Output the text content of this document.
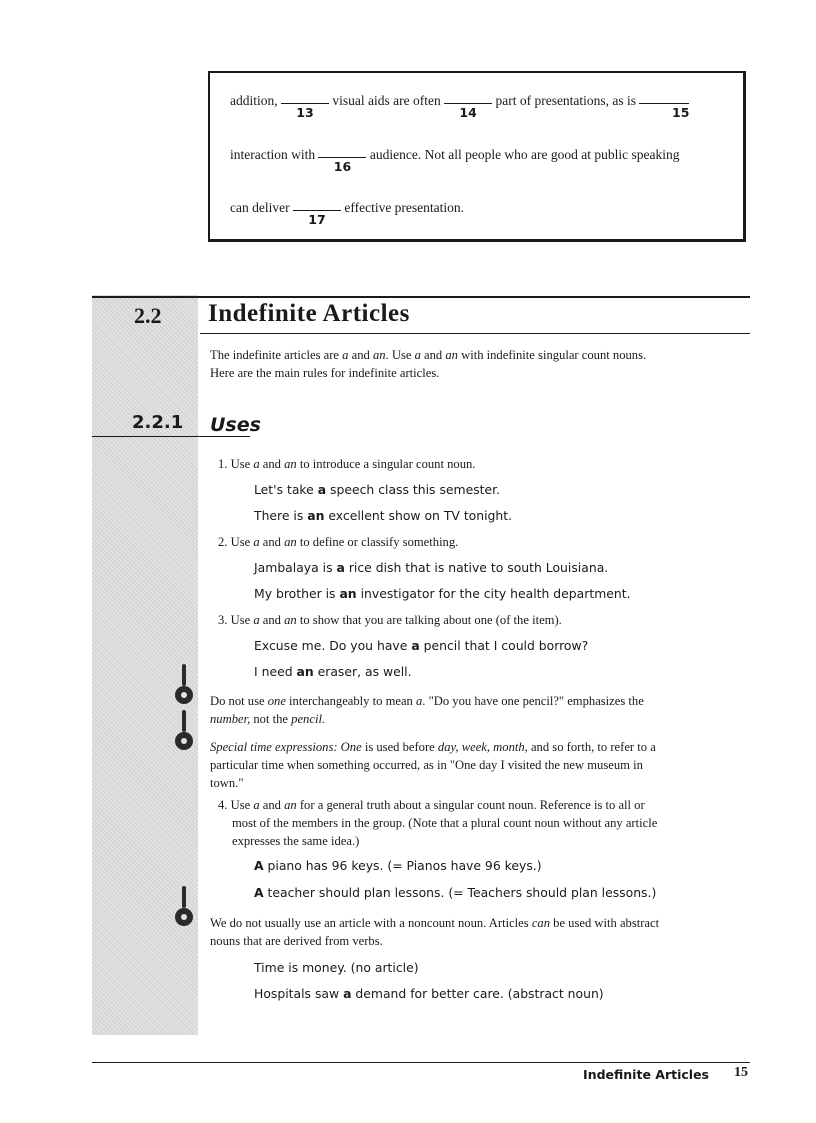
addition,
13
visual aids are often
14
part of presentations, as is
15
interaction with
16
audience. Not all people who are good at public speaking
can deliver
17
effective presentation.
2.2
2.2.1
Indefinite Articles
The indefinite articles are a and an. Use a and an with indefinite singular count nouns.
Here are the main rules for indefinite articles.
Uses
1. Use a and an to introduce a singular count noun.
Let's take a speech class this semester.
There is an excellent show on TV tonight.
2. Use a and an to define or classify something.
Jambalaya is a rice dish that is native to south Louisiana.
My brother is an investigator for the city health department.
3. Use a and an to show that you are talking about one (of the item).
Excuse me. Do you have a pencil that I could borrow?
I need an eraser, as well.
Do not use one interchangeably to mean a. "Do you have one pencil?" emphasizes the
number, not the pencil.
Special time expressions: One is used before day, week, month, and so forth, to refer to a
particular time when something occurred, as in "One day I visited the new museum in
town."
4. Use a and an for a general truth about a singular count noun. Reference is to all or
most of the members in the group. (Note that a plural count noun without any article
expresses the same idea.)
A piano has 96 keys. (= Pianos have 96 keys.)
A teacher should plan lessons. (= Teachers should plan lessons.)
We do not usually use an article with a noncount noun. Articles can be used with abstract
nouns that are derived from verbs.
Time is money. (no article)
Hospitals saw a demand for better care. (abstract noun)
Indefinite Articles 15
